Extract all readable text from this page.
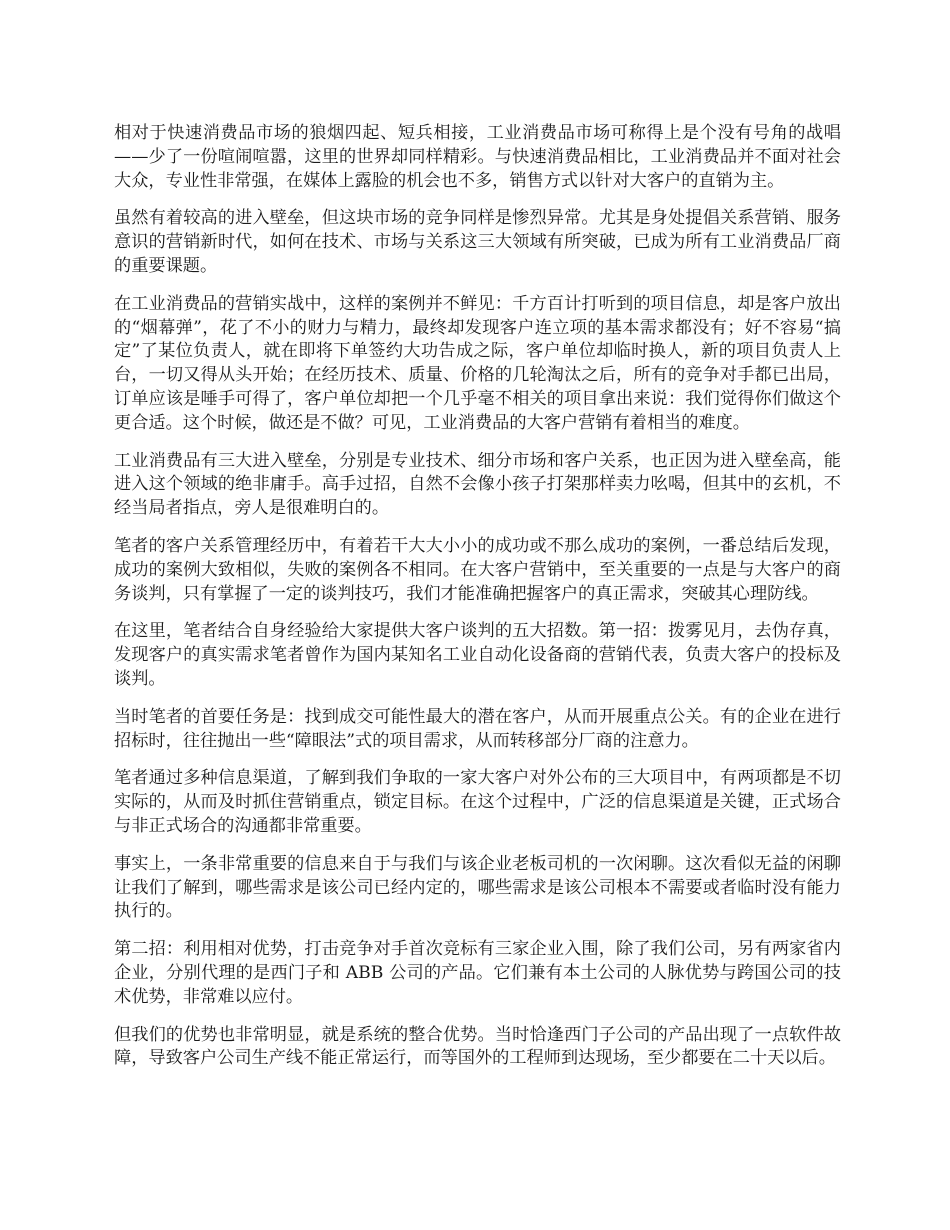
相对于快速消费品市场的狼烟四起、短兵相接，工业消费品市场可称得上是个没有号角的战唱——少了一份喧闹喧嚣，这里的世界却同样精彩。与快速消费品相比，工业消费品并不面对社会大众，专业性非常强，在媒体上露脸的机会也不多，销售方式以针对大客户的直销为主。

虽然有着较高的进入壁垒，但这块市场的竞争同样是惨烈异常。尤其是身处提倡关系营销、服务意识的营销新时代，如何在技术、市场与关系这三大领域有所突破，已成为所有工业消费品厂商的重要课题。

在工业消费品的营销实战中，这样的案例并不鲜见：千方百计打听到的项目信息，却是客户放出的“烟幕弹”，花了不小的财力与精力，最终却发现客户连立项的基本需求都没有；好不容易“搞定”了某位负责人，就在即将下单签约大功告成之际，客户单位却临时换人，新的项目负责人上台，一切又得从头开始；在经历技术、质量、价格的几轮淘汰之后，所有的竞争对手都已出局，订单应该是唾手可得了，客户单位却把一个几乎毫不相关的项目拿出来说：我们觉得你们做这个更合适。这个时候，做还是不做？可见，工业消费品的大客户营销有着相当的难度。

工业消费品有三大进入壁垒，分别是专业技术、细分市场和客户关系，也正因为进入壁垒高，能进入这个领域的绝非庸手。高手过招，自然不会像小孩子打架那样卖力吆喝，但其中的玄机，不经当局者指点，旁人是很难明白的。

笔者的客户关系管理经历中，有着若干大大小小的成功或不那么成功的案例，一番总结后发现，成功的案例大致相似，失败的案例各不相同。在大客户营销中，至关重要的一点是与大客户的商务谈判，只有掌握了一定的谈判技巧，我们才能准确把握客户的真正需求，突破其心理防线。

在这里，笔者结合自身经验给大家提供大客户谈判的五大招数。第一招：拨雾见月，去伪存真，发现客户的真实需求笔者曾作为国内某知名工业自动化设备商的营销代表，负责大客户的投标及谈判。

当时笔者的首要任务是：找到成交可能性最大的潜在客户，从而开展重点公关。有的企业在进行招标时，往往抛出一些“障眼法”式的项目需求，从而转移部分厂商的注意力。

笔者通过多种信息渠道，了解到我们争取的一家大客户对外公布的三大项目中，有两项都是不切实际的，从而及时抓住营销重点，锁定目标。在这个过程中，广泛的信息渠道是关键，正式场合与非正式场合的沟通都非常重要。

事实上，一条非常重要的信息来自于与我们与该企业老板司机的一次闲聊。这次看似无益的闲聊让我们了解到，哪些需求是该公司已经内定的，哪些需求是该公司根本不需要或者临时没有能力执行的。

第二招：利用相对优势，打击竞争对手首次竞标有三家企业入围，除了我们公司，另有两家省内企业，分别代理的是西门子和 ABB 公司的产品。它们兼有本土公司的人脉优势与跨国公司的技术优势，非常难以应付。

但我们的优势也非常明显，就是系统的整合优势。当时恰逢西门子公司的产品出现了一点软件故障，导致客户公司生产线不能正常运行，而等国外的工程师到达现场，至少都要在二十天以后。
